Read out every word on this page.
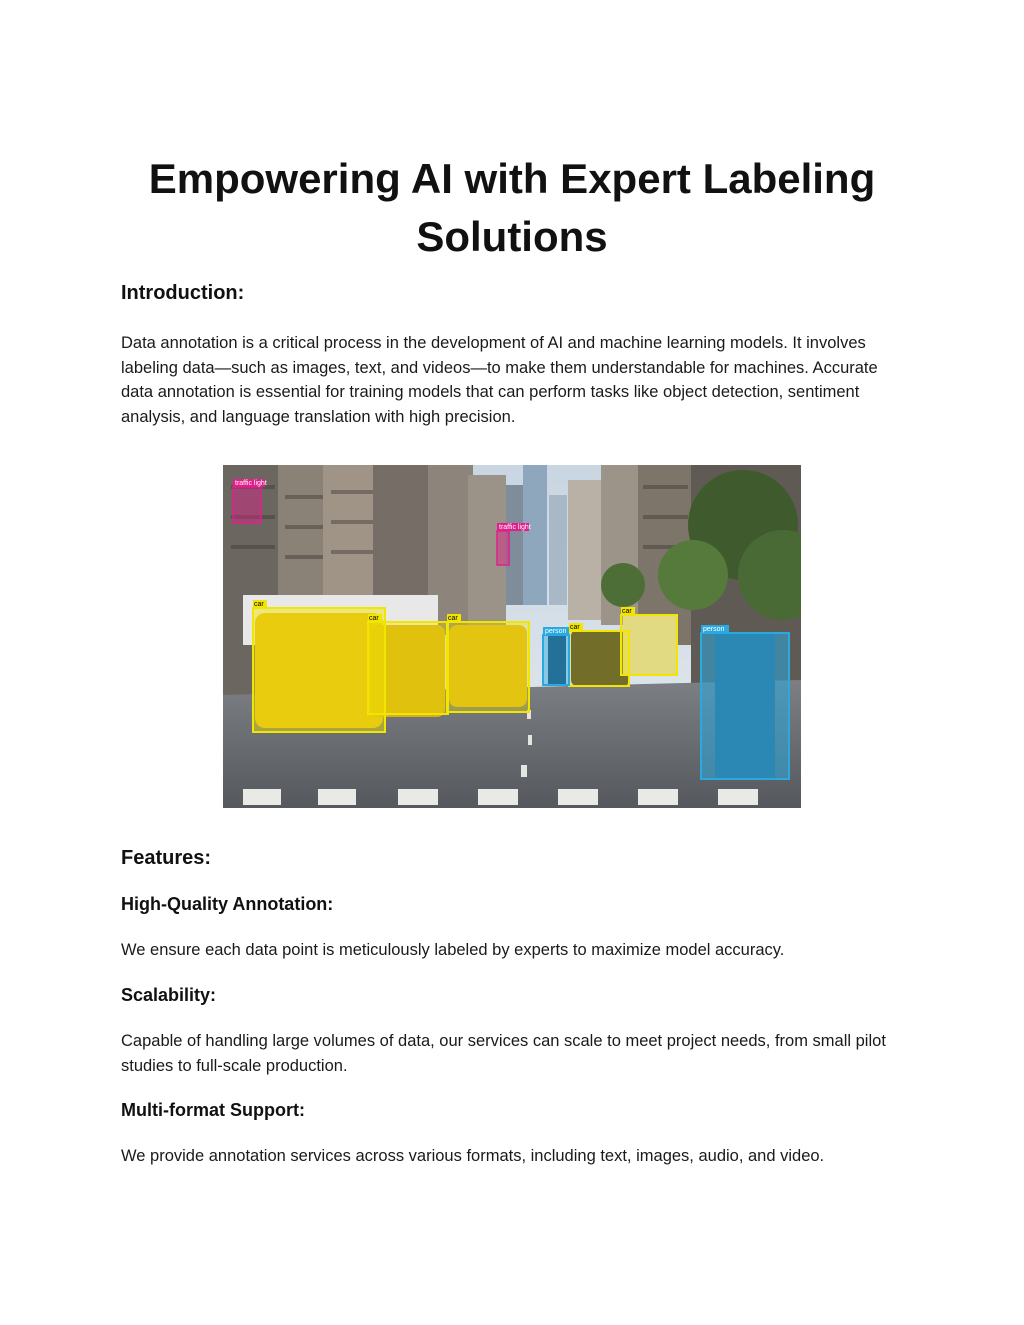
Empowering AI with Expert Labeling Solutions
Introduction:

Data annotation is a critical process in the development of AI and machine learning models. It involves labeling data—such as images, text, and videos—to make them understandable for machines. Accurate data annotation is essential for training models that can perform tasks like object detection, sentiment analysis, and language translation with high precision.

traffic light
traffic light
car
car	car
car
car
person	person
Features:
High-Quality Annotation:

We ensure each data point is meticulously labeled by experts to maximize model accuracy.

Scalability:

Capable of handling large volumes of data, our services can scale to meet project needs, from small pilot studies to full-scale production.

Multi-format Support:

We provide annotation services across various formats, including text, images, audio, and video.
